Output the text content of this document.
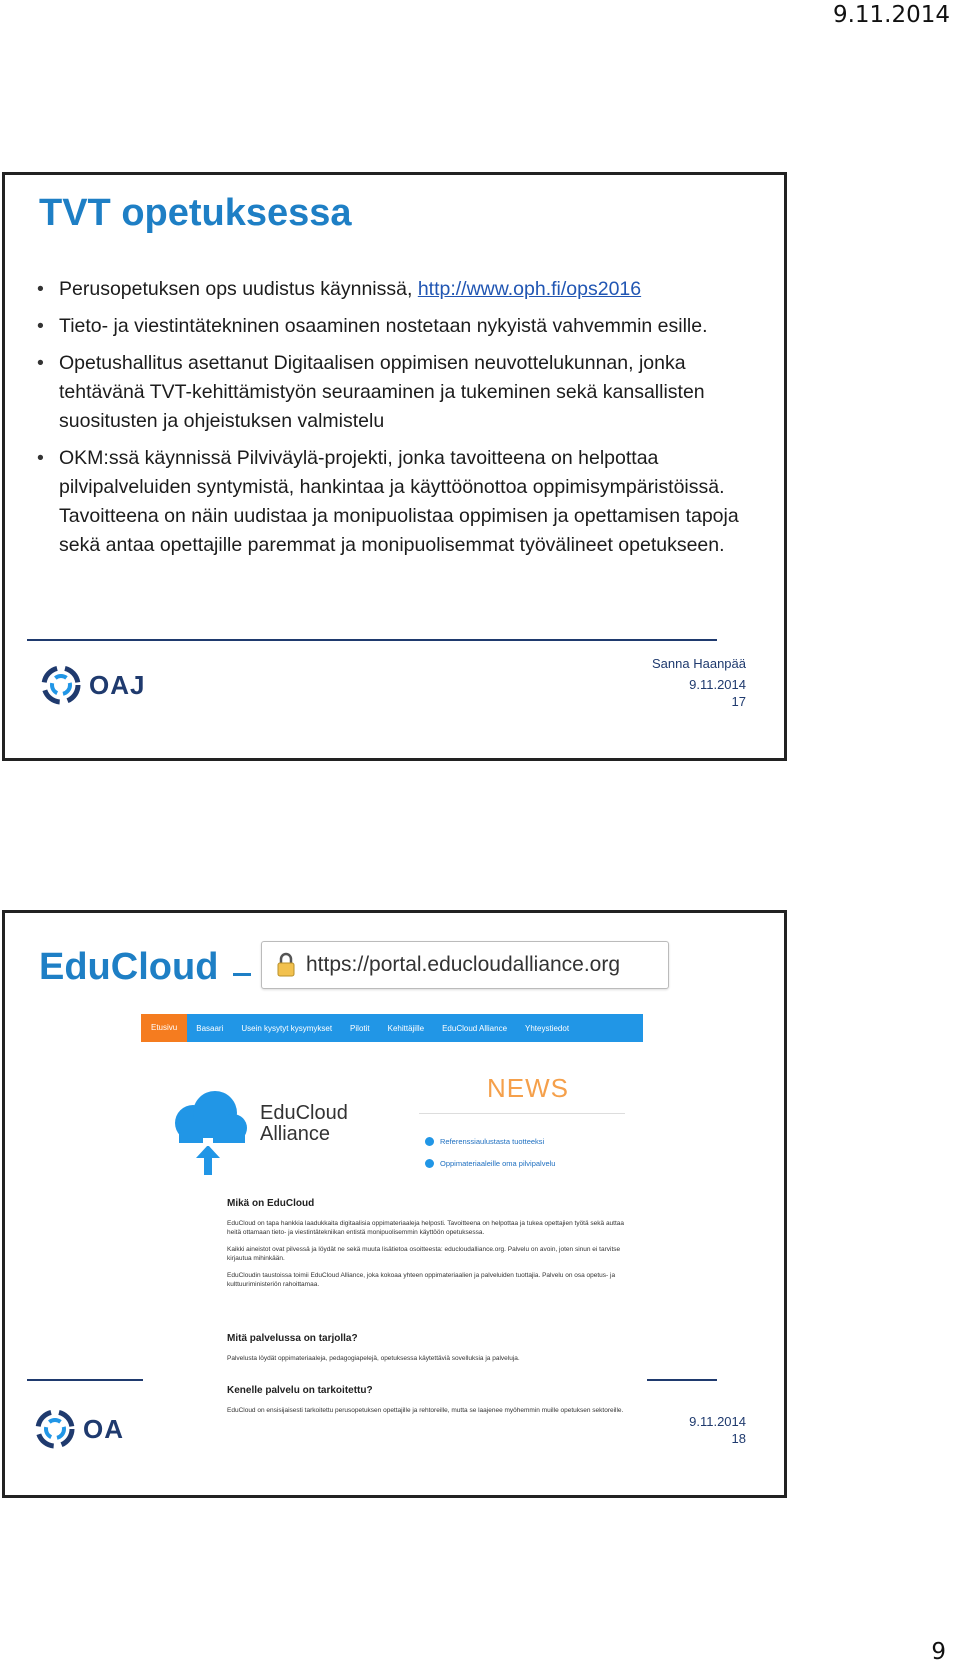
9.11.2014
TVT opetuksessa
• Perusopetuksen ops uudistus käynnissä, http://www.oph.fi/ops2016
• Tieto- ja viestintätekninen osaaminen nostetaan nykyistä vahvemmin esille.
• Opetushallitus asettanut Digitaalisen oppimisen neuvottelukunnan, jonka tehtävänä TVT-kehittämistyön seuraaminen ja tukeminen sekä kansallisten suositusten ja ohjeistuksen valmistelu
• OKM:ssä käynnissä Pilviväylä-projekti, jonka tavoitteena on helpottaa pilvipalveluiden syntymistä, hankintaa ja käyttöönottoa oppimisympäristöissä. Tavoitteena on näin uudistaa ja monipuolistaa oppimisen ja opettamisen tapoja sekä antaa opettajille paremmat ja monipuolisemmat työvälineet opetukseen.
OAJ
Sanna Haanpää
9.11.2014
17
EduCloud	https://portal.educloudalliance.org
Etusivu	Basaari	Usein kysytyt kysymykset	Pilotit	Kehittäjille	EduCloud Alliance	Yhteystiedot
EduCloud
Alliance
NEWS
Referenssiaulustasta tuotteeksi
Oppimateriaaleille oma pilvipalvelu
Mikä on EduCloud

EduCloud on tapa hankkia laadukkaita digitaalisia oppimateriaaleja helposti. Tavoitteena on helpottaa ja tukea opettajien työtä sekä auttaa heitä ottamaan tieto- ja viestintätekniikan entistä monipuolisemmin käyttöön opetuksessa.

Kaikki aineistot ovat pilvessä ja löydät ne sekä muuta lisätietoa osoitteesta: educloudalliance.org. Palvelu on avoin, joten sinun ei tarvitse kirjautua mihinkään.

EduCloudin taustoissa toimii EduCloud Alliance, joka kokoaa yhteen oppimateriaalien ja palveluiden tuottajia. Palvelu on osa opetus- ja kulttuuriministeriön rahoittamaa.

Mitä palvelussa on tarjolla?

Palvelusta löydät oppimateriaaleja, pedagogiapelejä, opetuksessa käytettäviä sovelluksia ja palveluja.

Kenelle palvelu on tarkoitettu?

EduCloud on ensisijaisesti tarkoitettu perusopetuksen opettajille ja rehtoreille, mutta se laajenee myöhemmin muille opetuksen sektoreille.

OA	9.11.2014
18
9
